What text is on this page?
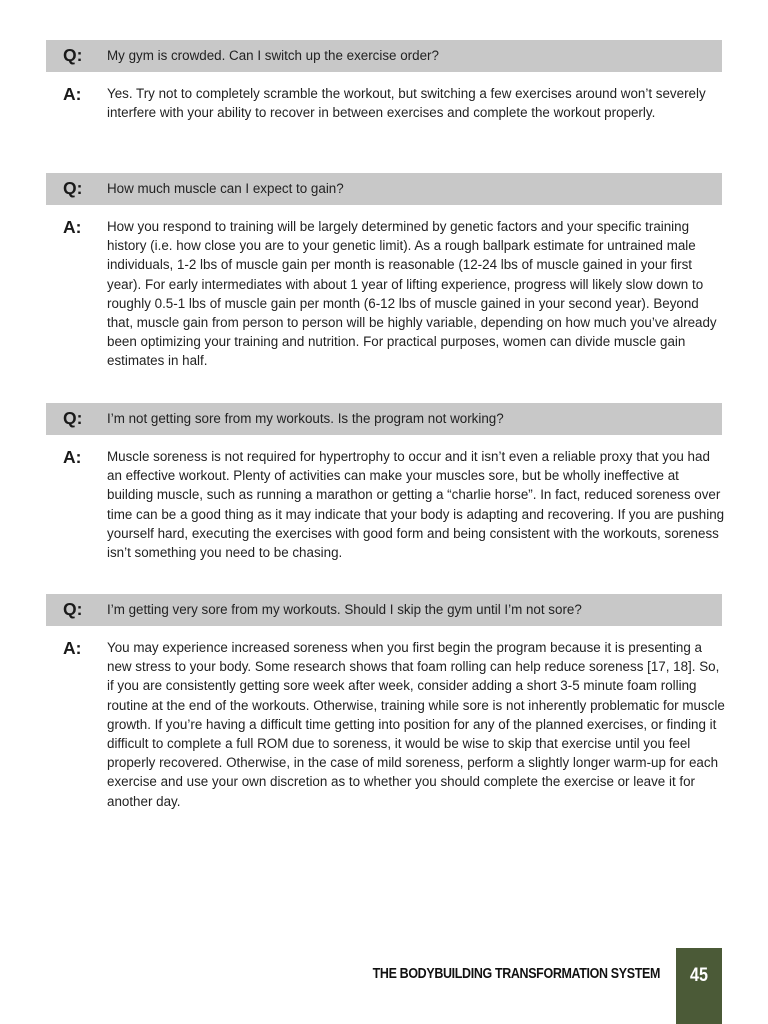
Q: My gym is crowded. Can I switch up the exercise order?
A: Yes. Try not to completely scramble the workout, but switching a few exercises around won’t severely interfere with your ability to recover in between exercises and complete the workout properly.

Q: How much muscle can I expect to gain?
A: How you respond to training will be largely determined by genetic factors and your specific training history (i.e. how close you are to your genetic limit). As a rough ballpark estimate for untrained male individuals, 1-2 lbs of muscle gain per month is reasonable (12-24 lbs of muscle gained in your first year). For early intermediates with about 1 year of lifting experience, progress will likely slow down to roughly 0.5-1 lbs of muscle gain per month (6-12 lbs of muscle gained in your second year). Beyond that, muscle gain from person to person will be highly variable, depending on how much you’ve already been optimizing your training and nutrition. For practical purposes, women can divide muscle gain estimates in half.

Q: I’m not getting sore from my workouts. Is the program not working?
A: Muscle soreness is not required for hypertrophy to occur and it isn’t even a reliable proxy that you had an effective workout. Plenty of activities can make your muscles sore, but be wholly ineffective at building muscle, such as running a marathon or getting a “charlie horse”. In fact, reduced soreness over time can be a good thing as it may indicate that your body is adapting and recovering. If you are pushing yourself hard, executing the exercises with good form and being consistent with the workouts, soreness isn’t something you need to be chasing.

Q: I’m getting very sore from my workouts. Should I skip the gym until I’m not sore?
A: You may experience increased soreness when you first begin the program because it is presenting a new stress to your body. Some research shows that foam rolling can help reduce soreness [17, 18]. So, if you are consistently getting sore week after week, consider adding a short 3-5 minute foam rolling routine at the end of the workouts. Otherwise, training while sore is not inherently problematic for muscle growth. If you’re having a difficult time getting into position for any of the planned exercises, or finding it difficult to complete a full ROM due to soreness, it would be wise to skip that exercise until you feel properly recovered. Otherwise, in the case of mild soreness, perform a slightly longer warm-up for each exercise and use your own discretion as to whether you should complete the exercise or leave it for another day.

THE BODYBUILDING TRANSFORMATION SYSTEM	45
